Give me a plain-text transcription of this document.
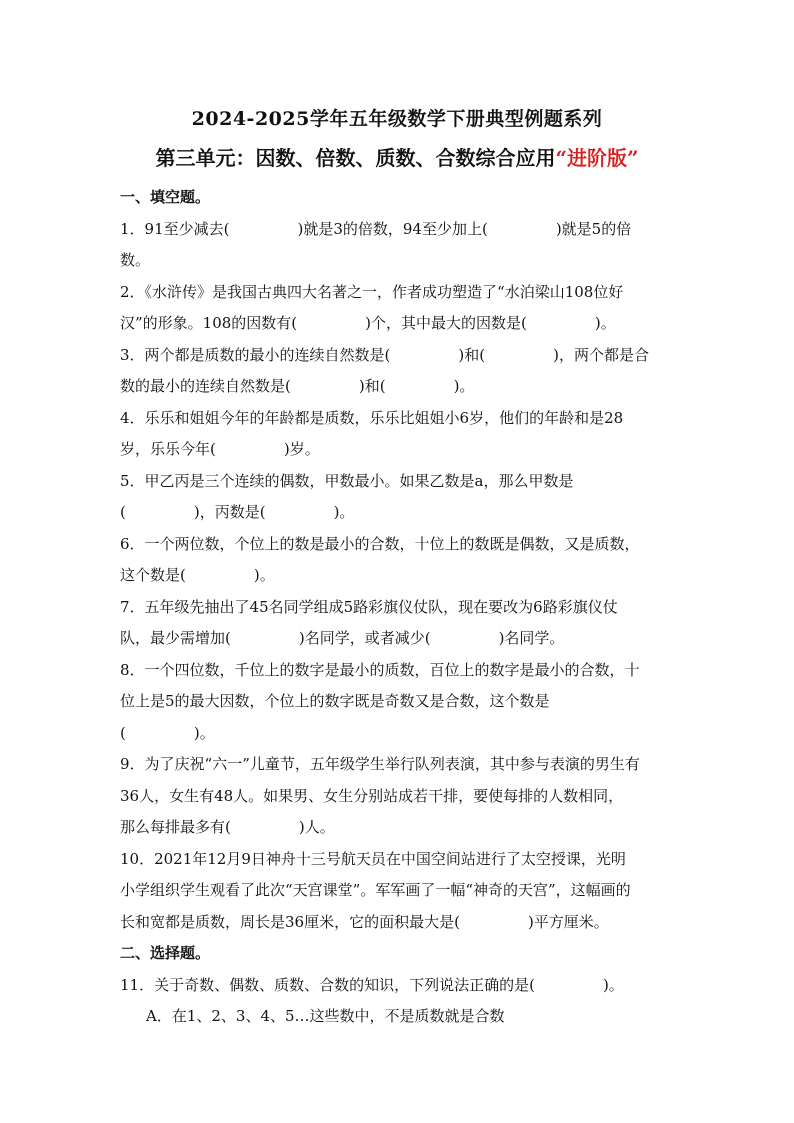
2024-2025学年五年级数学下册典型例题系列
第三单元：因数、倍数、质数、合数综合应用“进阶版”
一、填空题。
1．91至少减去(	)就是3的倍数，94至少加上(	)就是5的倍
数。
2．《水浒传》是我国古典四大名著之一，作者成功塑造了“水泊梁山108位好
汉”的形象。108的因数有(	)个，其中最大的因数是(	)。
3．两个都是质数的最小的连续自然数是(	)和(	)，两个都是合
数的最小的连续自然数是(	)和(	)。
4．乐乐和姐姐今年的年龄都是质数，乐乐比姐姐小6岁，他们的年龄和是28
岁，乐乐今年(	)岁。
5．甲乙丙是三个连续的偶数，甲数最小。如果乙数是a，那么甲数是
(	)，丙数是(	)。
6．一个两位数，个位上的数是最小的合数，十位上的数既是偶数，又是质数，
这个数是(	)。
7．五年级先抽出了45名同学组成5路彩旗仪仗队，现在要改为6路彩旗仪仗
队，最少需增加(	)名同学，或者减少(	)名同学。
8．一个四位数，千位上的数字是最小的质数，百位上的数字是最小的合数，十
位上是5的最大因数，个位上的数字既是奇数又是合数，这个数是
(	)。
9．为了庆祝“六一”儿童节，五年级学生举行队列表演，其中参与表演的男生有
36人，女生有48人。如果男、女生分别站成若干排，要使每排的人数相同，
那么每排最多有(	)人。
10．2021年12月9日神舟十三号航天员在中国空间站进行了太空授课，光明
小学组织学生观看了此次“天宫课堂”。军军画了一幅“神奇的天宫”，这幅画的
长和宽都是质数，周长是36厘米，它的面积最大是(	)平方厘米。
二、选择题。
11．关于奇数、偶数、质数、合数的知识，下列说法正确的是(	)。
A．在1、2、3、4、5…这些数中，不是质数就是合数
